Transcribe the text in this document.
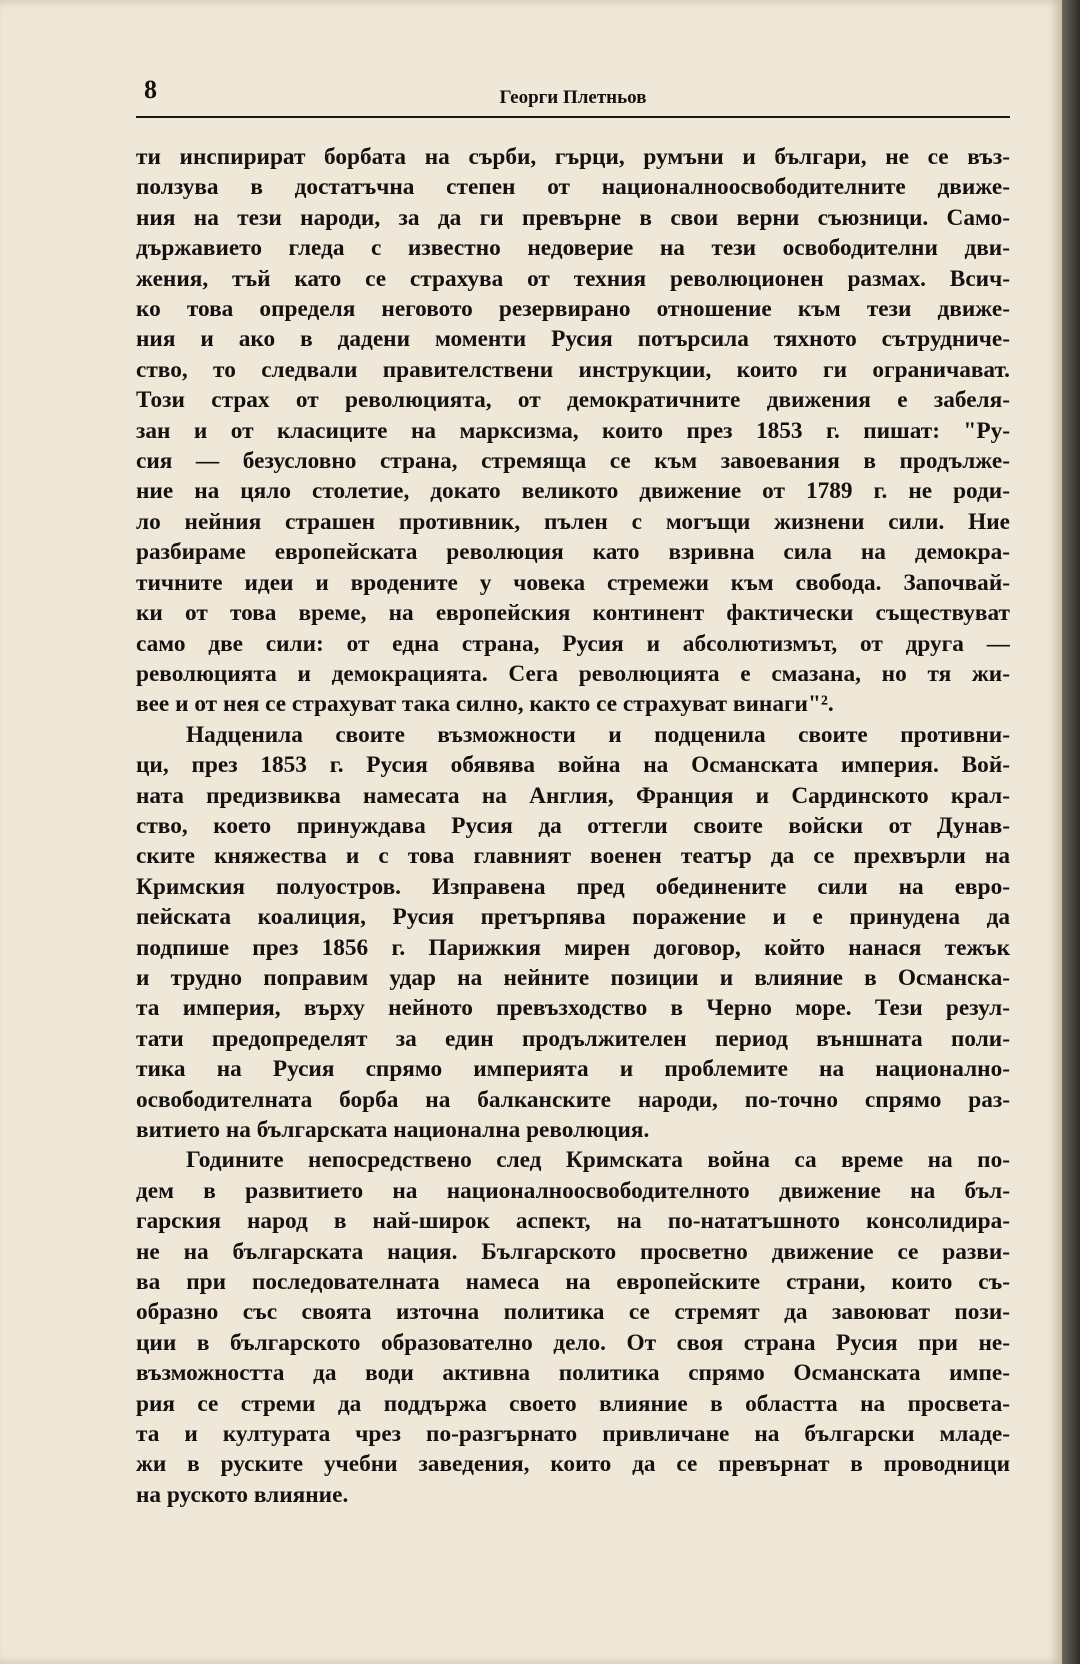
8	Георги Плетньов
ти инспирират борбата на сърби, гърци, румъни и българи, не се въз-
ползува в достатъчна степен от националноосвободителните движе-
ния на тези народи, за да ги превърне в свои верни съюзници. Само-
държавието гледа с известно недоверие на тези освободителни дви-
жения, тъй като се страхува от техния революционен размах. Всич-
ко това определя неговото резервирано отношение към тези движе-
ния и ако в дадени моменти Русия потърсила тяхното сътрудниче-
ство, то следвали правителствени инструкции, които ги ограничават.
Този страх от революцията, от демократичните движения е забеля-
зан и от класиците на марксизма, които през 1853 г. пишат: "Ру-
сия — безусловно страна, стремяща се към завоевания в продълже-
ние на цяло столетие, докато великото движение от 1789 г. не роди-
ло нейния страшен противник, пълен с могъщи жизнени сили. Ние
разбираме европейската революция като взривна сила на демокра-
тичните идеи и вродените у човека стремежи към свобода. Започвай-
ки от това време, на европейския континент фактически съществуват
само две сили: от една страна, Русия и абсолютизмът, от друга —
революцията и демокрацията. Сега революцията е смазана, но тя жи-
вее и от нея се страхуват така силно, както се страхуват винаги"².
Надценила своите възможности и подценила своите противни-
ци, през 1853 г. Русия обявява война на Османската империя. Вой-
ната предизвиква намесата на Англия, Франция и Сардинското крал-
ство, което принуждава Русия да оттегли своите войски от Дунав-
ските княжества и с това главният военен театър да се прехвърли на
Кримския полуостров. Изправена пред обединените сили на евро-
пейската коалиция, Русия претърпява поражение и е принудена да
подпише през 1856 г. Парижкия мирен договор, който нанася тежък
и трудно поправим удар на нейните позиции и влияние в Османска-
та империя, върху нейното превъзходство в Черно море. Тези резул-
тати предопределят за един продължителен период външната поли-
тика на Русия спрямо империята и проблемите на национално-
освободителната борба на балканските народи, по-точно спрямо раз-
витието на българската национална революция.
Годините непосредствено след Кримската война са време на по-
дем в развитието на националноосвободителното движение на бъл-
гарския народ в най-широк аспект, на по-нататъшното консолидира-
не на българската нация. Българското просветно движение се разви-
ва при последователната намеса на европейските страни, които съ-
образно със своята източна политика се стремят да завоюват пози-
ции в българското образователно дело. От своя страна Русия при не-
възможността да води активна политика спрямо Османската импе-
рия се стреми да поддържа своето влияние в областта на просвета-
та и културата чрез по-разгърнато привличане на български младе-
жи в руските учебни заведения, които да се превърнат в проводници
на руското влияние.
